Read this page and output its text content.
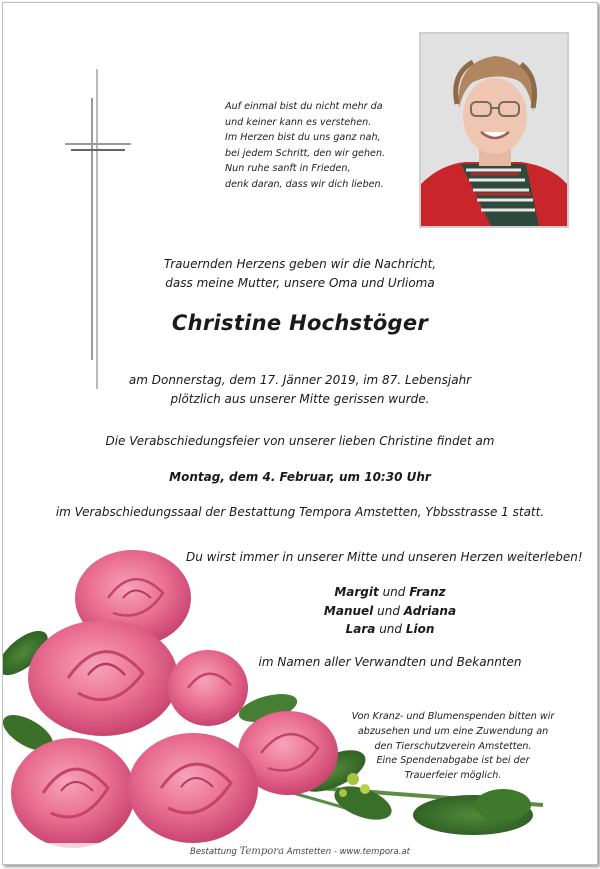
Auf einmal bist du nicht mehr da
und keiner kann es verstehen.
Im Herzen bist du uns ganz nah,
bei jedem Schritt, den wir gehen.
Nun ruhe sanft in Frieden,
denk daran, dass wir dich lieben.
Trauernden Herzens geben wir die Nachricht,
dass meine Mutter, unsere Oma und Urlioma
Christine Hochstöger
am Donnerstag, dem 17. Jänner 2019, im 87. Lebensjahr
plötzlich aus unserer Mitte gerissen wurde.
Die Verabschiedungsfeier von unserer lieben Christine findet am
Montag, dem 4. Februar, um 10:30 Uhr
im Verabschiedungssaal der Bestattung Tempora Amstetten, Ybbsstrasse 1 statt.
Du wirst immer in unserer Mitte und unseren Herzen weiterleben!
Margit und Franz
Manuel und Adriana
Lara und Lion
im Namen aller Verwandten und Bekannten
Von Kranz- und Blumenspenden bitten wir
abzusehen und um eine Zuwendung an
den Tierschutzverein Amstetten.
Eine Spendenabgabe ist bei der
Trauerfeier möglich.
Bestattung Tempora Amstetten - www.tempora.at
